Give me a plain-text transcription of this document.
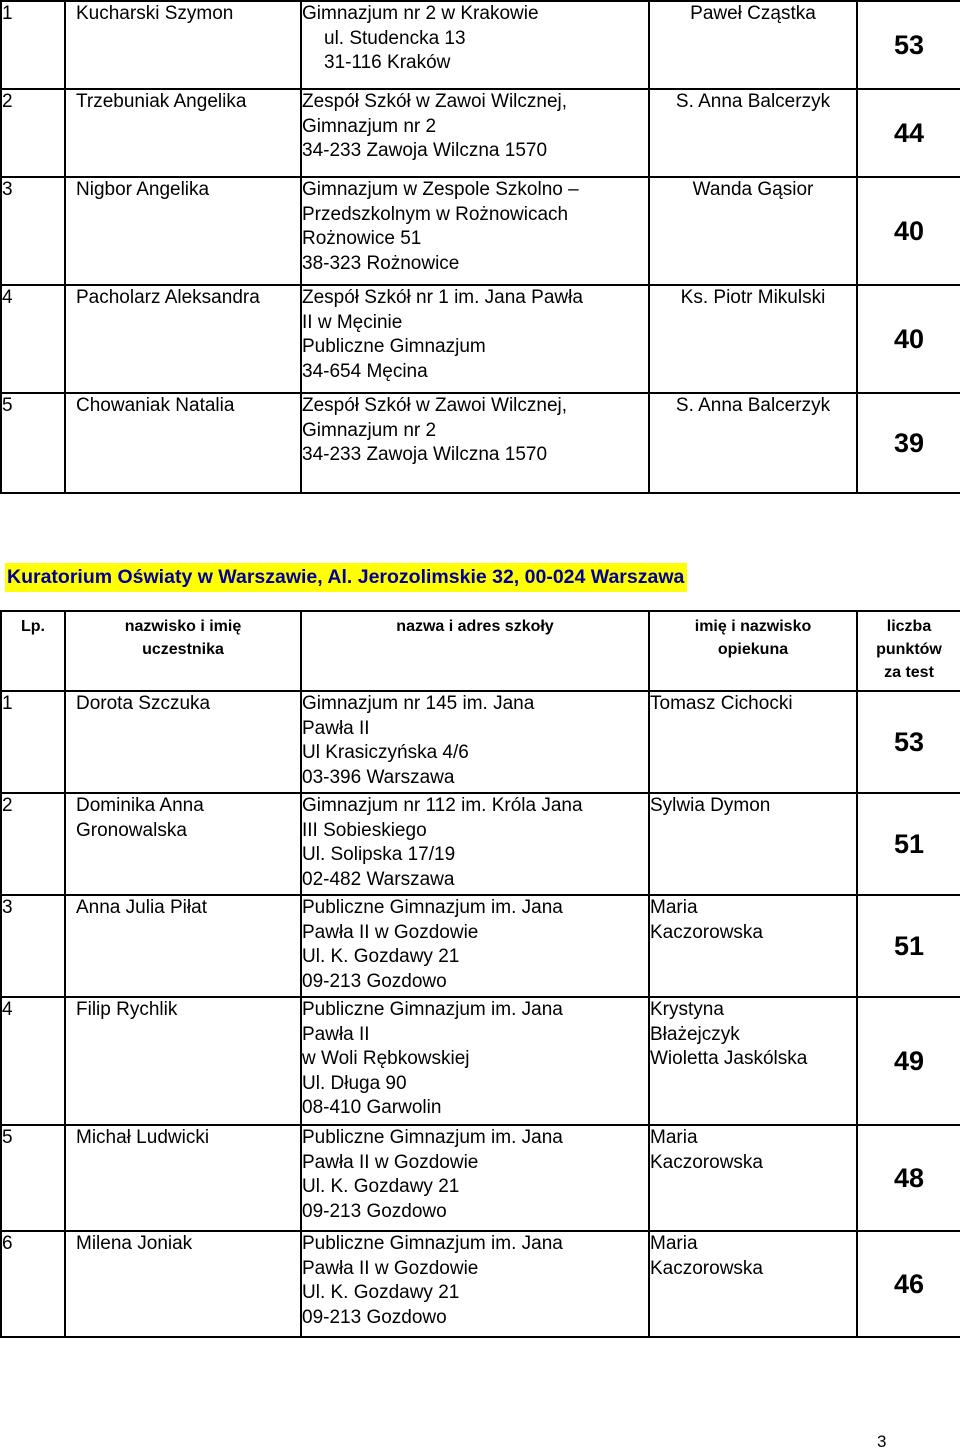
1	Kucharski Szymon	Gimnazjum nr 2 w Krakowie
ul. Studencka 13
31-116 Kraków	Paweł Cząstka	53
2	Trzebuniak Angelika	Zespół Szkół w Zawoi Wilcznej,
Gimnazjum nr 2
34-233 Zawoja Wilczna 1570	S. Anna Balcerzyk	44
3	Nigbor Angelika	Gimnazjum w Zespole Szkolno –
Przedszkolnym w Rożnowicach
Rożnowice 51
38-323 Rożnowice	Wanda Gąsior	40
4	Pacholarz Aleksandra	Zespół Szkół nr 1 im. Jana Pawła
II w Męcinie
Publiczne Gimnazjum
34-654 Męcina	Ks. Piotr Mikulski	40
5	Chowaniak Natalia	Zespół Szkół w Zawoi Wilcznej,
Gimnazjum nr 2
34-233 Zawoja Wilczna 1570	S. Anna Balcerzyk	39
Kuratorium Oświaty w Warszawie, Al. Jerozolimskie 32, 00-024 Warszawa
Lp.	nazwisko i imię uczestnika	nazwa i adres szkoły	imię i nazwisko opiekuna	liczba punktów za test
1	Dorota Szczuka	Gimnazjum nr 145 im. Jana
Pawła II
Ul Krasiczyńska 4/6
03-396 Warszawa	Tomasz Cichocki	53
2	Dominika Anna Gronowalska	Gimnazjum nr 112 im. Króla Jana
III Sobieskiego
Ul. Solipska 17/19
02-482 Warszawa	Sylwia Dymon	51
3	Anna Julia Piłat	Publiczne Gimnazjum im. Jana
Pawła II w Gozdowie
Ul. K. Gozdawy 21
09-213 Gozdowo	Maria
Kaczorowska	51
4	Filip Rychlik	Publiczne Gimnazjum im. Jana
Pawła II
w Woli Rębkowskiej
Ul. Długa 90
08-410 Garwolin	Krystyna
Błażejczyk
Wioletta Jaskólska	49
5	Michał Ludwicki	Publiczne Gimnazjum im. Jana
Pawła II w Gozdowie
Ul. K. Gozdawy 21
09-213 Gozdowo	Maria
Kaczorowska	48
6	Milena Joniak	Publiczne Gimnazjum im. Jana
Pawła II w Gozdowie
Ul. K. Gozdawy 21
09-213 Gozdowo	Maria
Kaczorowska	46
3
